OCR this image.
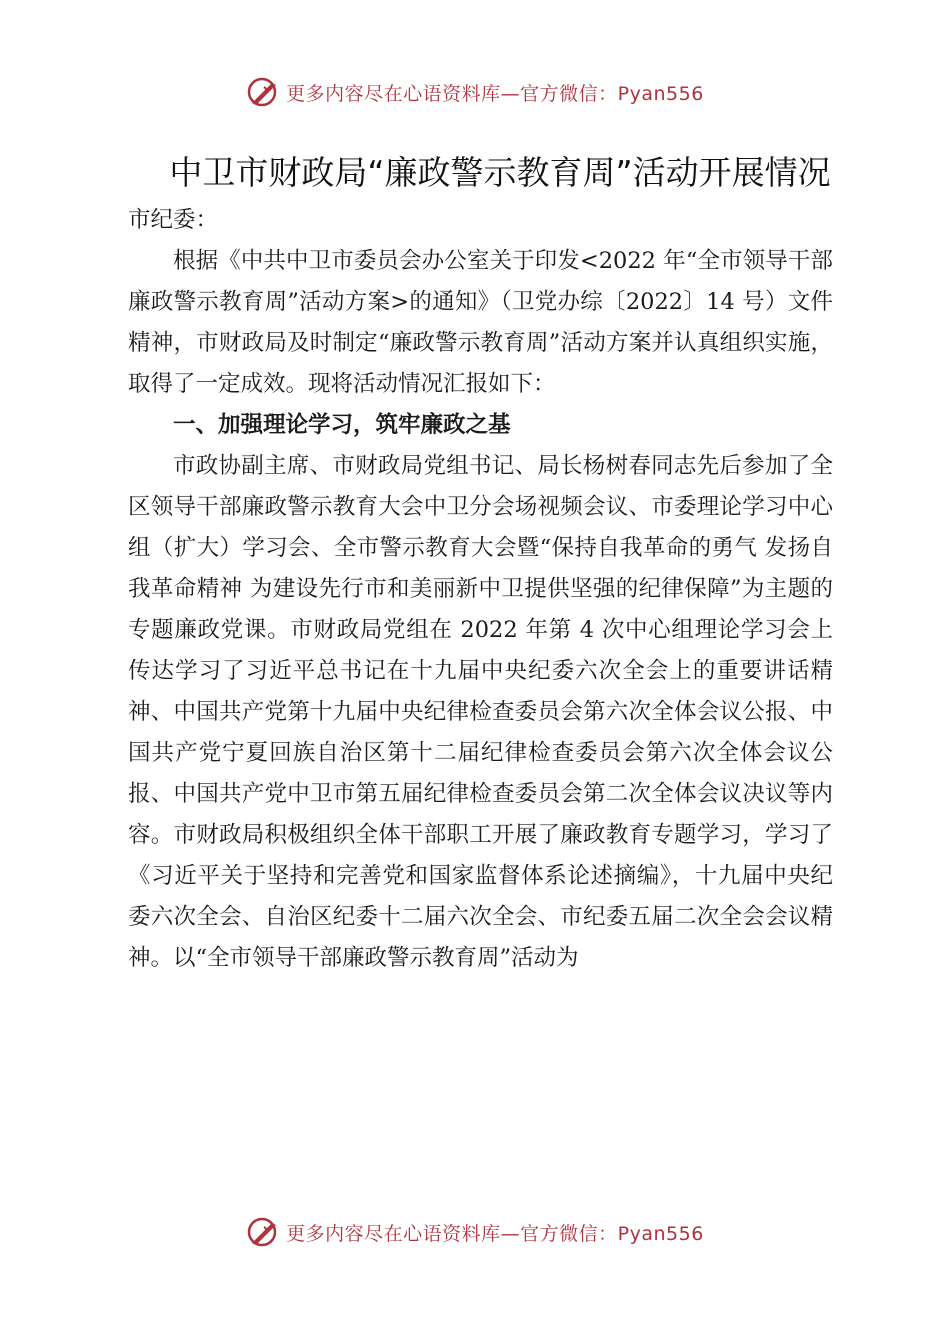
更多内容尽在心语资料库—官方微信：Pyan556
中卫市财政局“廉政警示教育周”活动开展情况

市纪委：

根据《中共中卫市委员会办公室关于印发<2022 年“全市领导干部廉政警示教育周”活动方案>的通知》（卫党办综〔2022〕14 号）文件精神，市财政局及时制定“廉政警示教育周”活动方案并认真组织实施，取得了一定成效。现将活动情况汇报如下：

一、加强理论学习，筑牢廉政之基

市政协副主席、市财政局党组书记、局长杨树春同志先后参加了全区领导干部廉政警示教育大会中卫分会场视频会议、市委理论学习中心组（扩大）学习会、全市警示教育大会暨“保持自我革命的勇气 发扬自我革命精神 为建设先行市和美丽新中卫提供坚强的纪律保障”为主题的专题廉政党课。市财政局党组在 2022 年第 4 次中心组理论学习会上传达学习了习近平总书记在十九届中央纪委六次全会上的重要讲话精神、中国共产党第十九届中央纪律检查委员会第六次全体会议公报、中国共产党宁夏回族自治区第十二届纪律检查委员会第六次全体会议公报、中国共产党中卫市第五届纪律检查委员会第二次全体会议决议等内容。市财政局积极组织全体干部职工开展了廉政教育专题学习，学习了《习近平关于坚持和完善党和国家监督体系论述摘编》，十九届中央纪委六次全会、自治区纪委十二届六次全会、市纪委五届二次全会会议精神。以“全市领导干部廉政警示教育周”活动为

更多内容尽在心语资料库—官方微信：Pyan556
